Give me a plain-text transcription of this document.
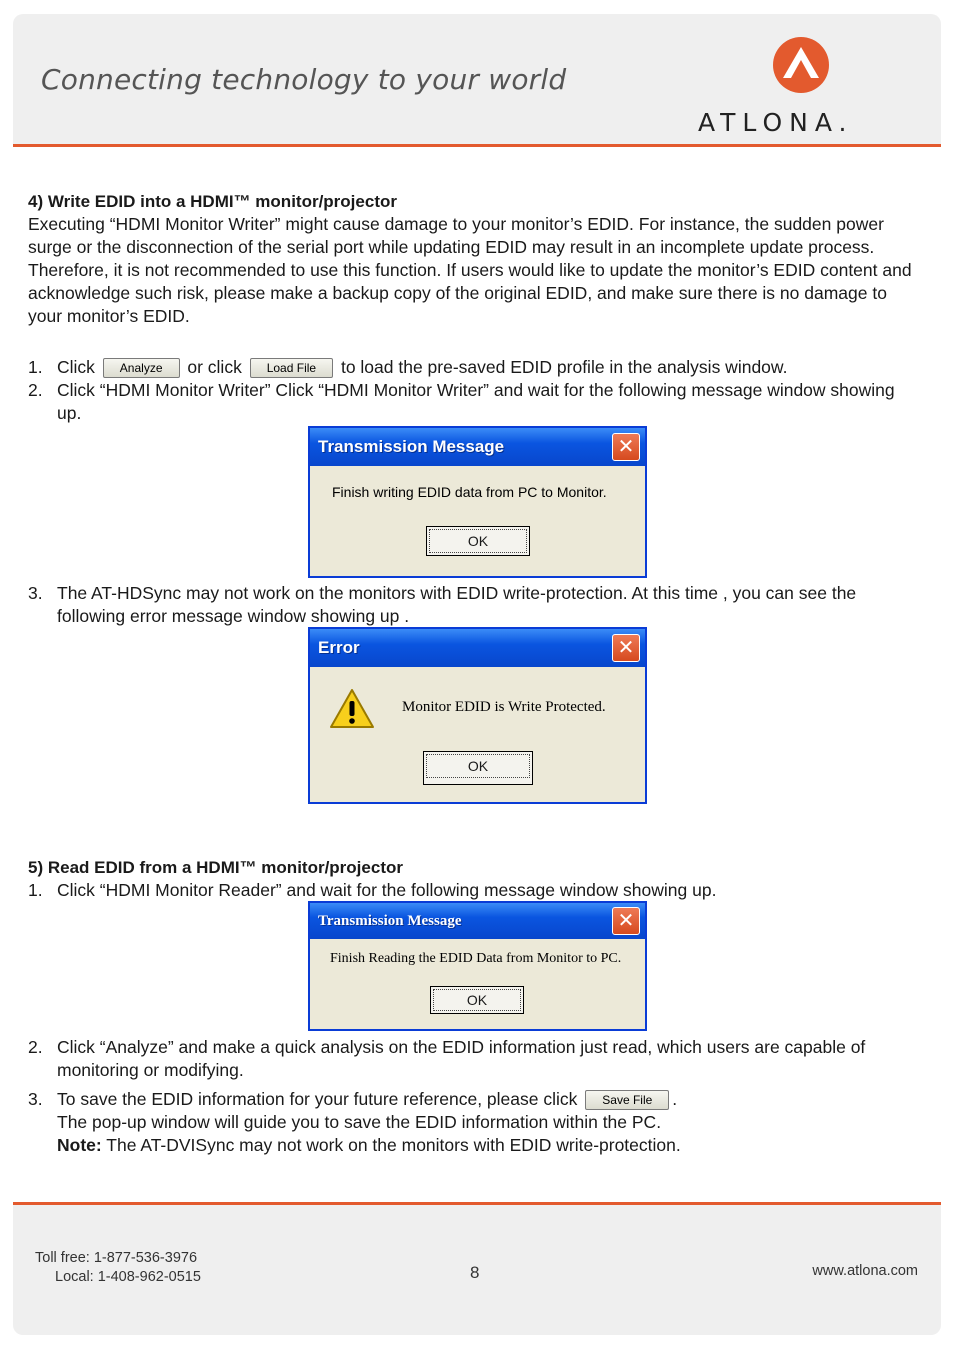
Connecting technology to your world
ATLONA.
4) Write EDID into a HDMI™ monitor/projector

Executing “HDMI Monitor Writer” might cause damage to your monitor’s EDID. For instance, the sudden power surge or the disconnection of the serial port while updating EDID may result in an incomplete update process. Therefore, it is not recommended to use this function. If users would like to update the monitor’s EDID content and acknowledge such risk, please make a backup copy of the original EDID, and make sure there is no damage to your monitor’s EDID.

1. Click Analyze or click Load File to load the pre-saved EDID profile in the analysis window.

2. Click “HDMI Monitor Writer” Click “HDMI Monitor Writer” and wait for the following message window showing up.

Transmission Message	✕
Finish writing EDID data from PC to Monitor.
OK

3. The AT-HDSync may not work on the monitors with EDID write-protection. At this time , you can see the following error message window showing up .

Error	✕
Monitor EDID is Write Protected.
OK
5) Read EDID from a HDMI™ monitor/projector

1. Click “HDMI Monitor Reader” and wait for the following message window showing up.

Transmission Message	✕
Finish Reading the EDID Data from Monitor to PC.
OK

2. Click “Analyze” and make a quick analysis on the EDID information just read, which users are capable of monitoring or modifying.

3. To save the EDID information for your future reference, please click Save File .
The pop-up window will guide you to save the EDID information within the PC.
Note: The AT-DVISync may not work on the monitors with EDID write-protection.

Toll free: 1-877-536-3976
Local: 1-408-962-0515	8	www.atlona.com
